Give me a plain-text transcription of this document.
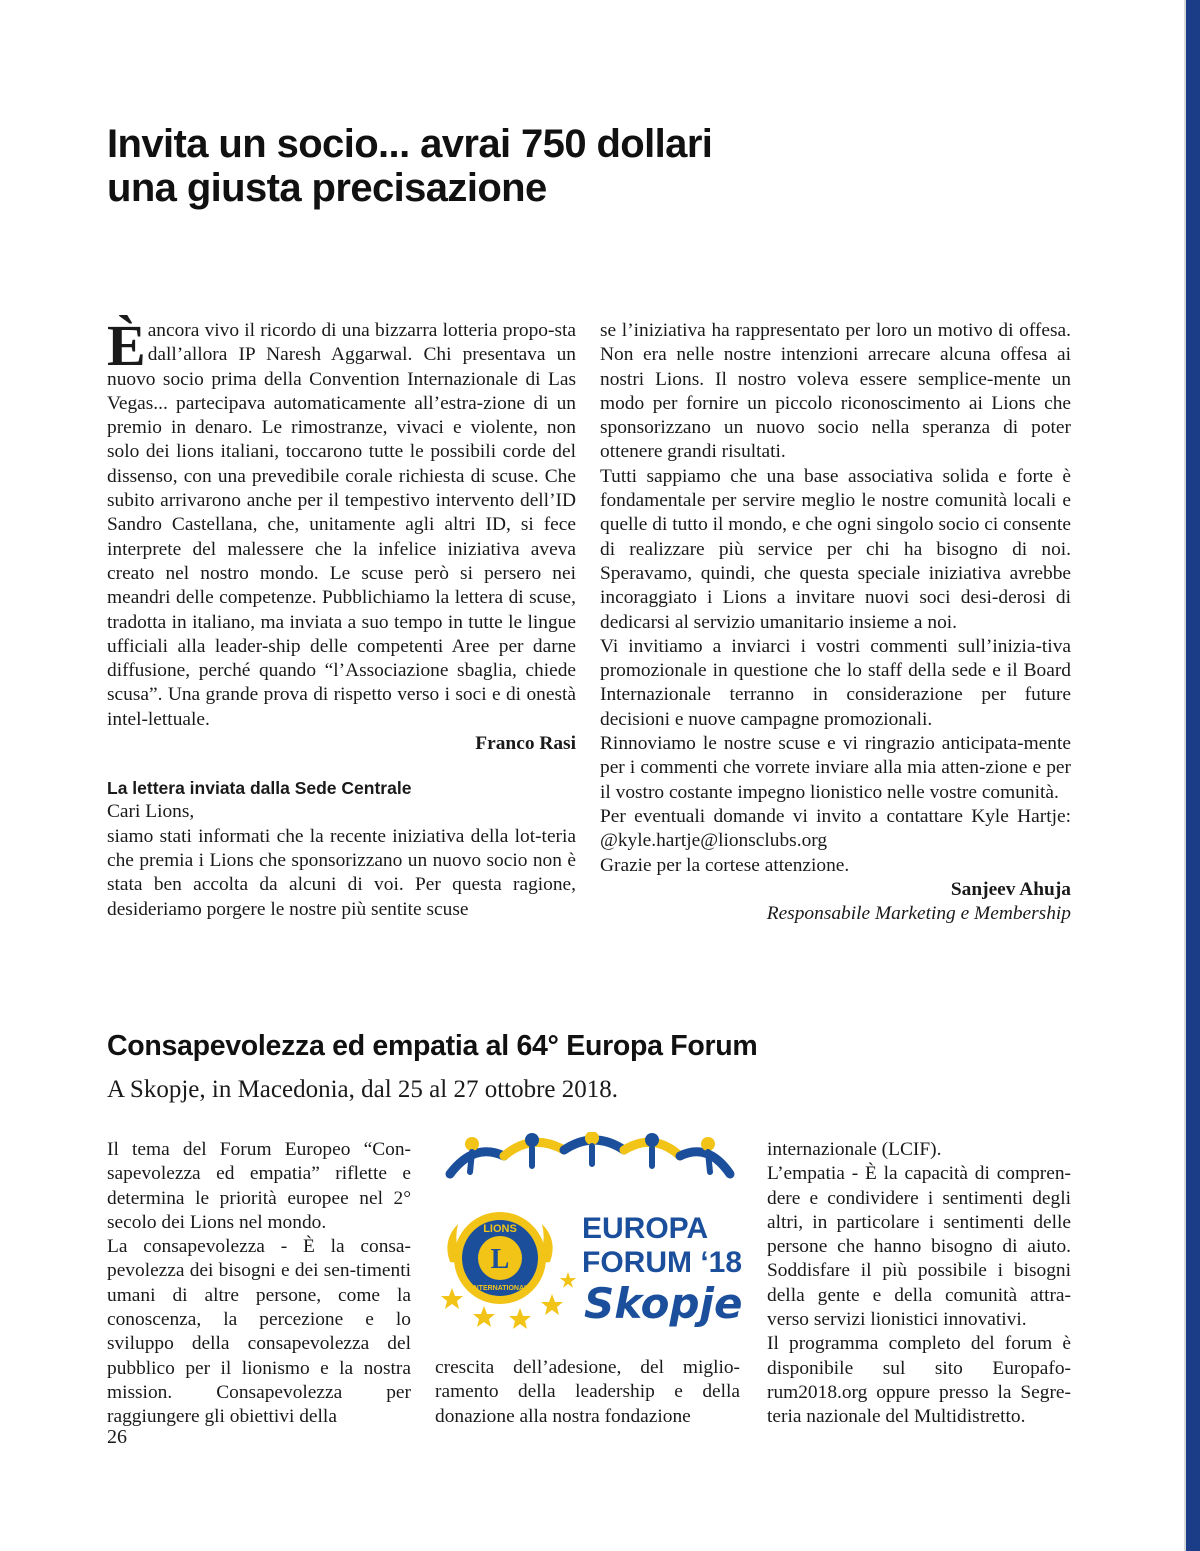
Invita un socio... avrai 750 dollari
una giusta precisazione

Èancora vivo il ricordo di una bizzarra lotteria propo-sta dall’allora IP Naresh Aggarwal. Chi presentava un nuovo socio prima della Convention Internazionale di Las Vegas... partecipava automaticamente all’estra-zione di un premio in denaro. Le rimostranze, vivaci e violente, non solo dei lions italiani, toccarono tutte le possibili corde del dissenso, con una prevedibile corale richiesta di scuse. Che subito arrivarono anche per il tempestivo intervento dell’ID Sandro Castellana, che, unitamente agli altri ID, si fece interprete del malessere che la infelice iniziativa aveva creato nel nostro mondo. Le scuse però si persero nei meandri delle competenze. Pubblichiamo la lettera di scuse, tradotta in italiano, ma inviata a suo tempo in tutte le lingue ufficiali alla leader-ship delle competenti Aree per darne diffusione, perché quando “l’Associazione sbaglia, chiede scusa”. Una grande prova di rispetto verso i soci e di onestà intel-lettuale.

Franco Rasi

La lettera inviata dalla Sede Centrale

Cari Lions,

siamo stati informati che la recente iniziativa della lot-teria che premia i Lions che sponsorizzano un nuovo socio non è stata ben accolta da alcuni di voi. Per questa ragione, desideriamo porgere le nostre più sentite scuse

se l’iniziativa ha rappresentato per loro un motivo di offesa. Non era nelle nostre intenzioni arrecare alcuna offesa ai nostri Lions. Il nostro voleva essere semplice-mente un modo per fornire un piccolo riconoscimento ai Lions che sponsorizzano un nuovo socio nella speranza di poter ottenere grandi risultati.

Tutti sappiamo che una base associativa solida e forte è fondamentale per servire meglio le nostre comunità locali e quelle di tutto il mondo, e che ogni singolo socio ci consente di realizzare più service per chi ha bisogno di noi. Speravamo, quindi, che questa speciale iniziativa avrebbe incoraggiato i Lions a invitare nuovi soci desi-derosi di dedicarsi al servizio umanitario insieme a noi.

Vi invitiamo a inviarci i vostri commenti sull’inizia-tiva promozionale in questione che lo staff della sede e il Board Internazionale terranno in considerazione per future decisioni e nuove campagne promozionali.

Rinnoviamo le nostre scuse e vi ringrazio anticipata-mente per i commenti che vorrete inviare alla mia atten-zione e per il vostro costante impegno lionistico nelle vostre comunità.

Per eventuali domande vi invito a contattare Kyle Hartje: @kyle.hartje@lionsclubs.org

Grazie per la cortese attenzione.

Sanjeev Ahuja

Responsabile Marketing e Membership

Consapevolezza ed empatia al 64° Europa Forum

A Skopje, in Macedonia, dal 25 al 27 ottobre 2018.

Il tema del Forum Europeo “Con-sapevolezza ed empatia” riflette e determina le priorità europee nel 2° secolo dei Lions nel mondo.

La consapevolezza - È la consa-pevolezza dei bisogni e dei sen-timenti umani di altre persone, come la conoscenza, la percezione e lo sviluppo della consapevolezza del pubblico per il lionismo e la nostra mission. Consapevolezza per raggiungere gli obiettivi della

L
LIONS
INTERNATIONAL
EUROPA
FORUM ‘18
Skopje

crescita dell’adesione, del miglio-ramento della leadership e della donazione alla nostra fondazione

internazionale (LCIF).

L’empatia - È la capacità di compren-dere e condividere i sentimenti degli altri, in particolare i sentimenti delle persone che hanno bisogno di aiuto. Soddisfare il più possibile i bisogni della gente e della comunità attra-verso servizi lionistici innovativi.

Il programma completo del forum è disponibile sul sito Europafo-rum2018.org oppure presso la Segre-teria nazionale del Multidistretto.

26
